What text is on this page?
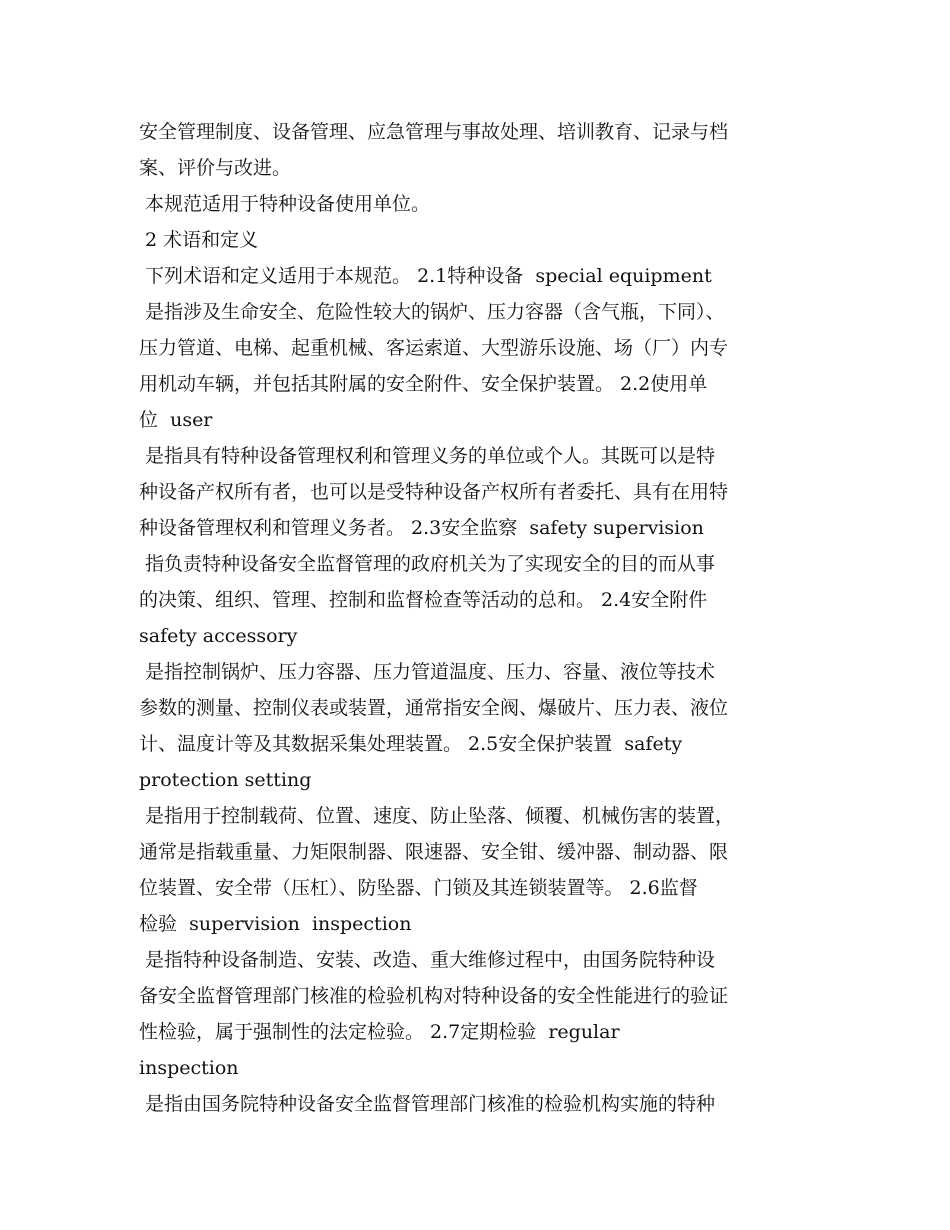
安全管理制度、设备管理、应急管理与事故处理、培训教育、记录与档
案、评价与改进。
本规范适用于特种设备使用单位。
2 术语和定义
下列术语和定义适用于本规范。 2.1特种设备  special equipment
是指涉及生命安全、危险性较大的锅炉、压力容器（含气瓶，下同）、
压力管道、电梯、起重机械、客运索道、大型游乐设施、场（厂）内专
用机动车辆，并包括其附属的安全附件、安全保护装置。 2.2使用单
位  user
是指具有特种设备管理权利和管理义务的单位或个人。其既可以是特
种设备产权所有者，也可以是受特种设备产权所有者委托、具有在用特
种设备管理权利和管理义务者。 2.3安全监察  safety supervision
指负责特种设备安全监督管理的政府机关为了实现安全的目的而从事
的决策、组织、管理、控制和监督检查等活动的总和。 2.4安全附件
safety accessory
是指控制锅炉、压力容器、压力管道温度、压力、容量、液位等技术
参数的测量、控制仪表或装置，通常指安全阀、爆破片、压力表、液位
计、温度计等及其数据采集处理装置。 2.5安全保护装置  safety
protection setting
是指用于控制载荷、位置、速度、防止坠落、倾覆、机械伤害的装置，
通常是指载重量、力矩限制器、限速器、安全钳、缓冲器、制动器、限
位装置、安全带（压杠）、防坠器、门锁及其连锁装置等。 2.6监督
检验  supervision  inspection
是指特种设备制造、安装、改造、重大维修过程中，由国务院特种设
备安全监督管理部门核准的检验机构对特种设备的安全性能进行的验证
性检验，属于强制性的法定检验。 2.7定期检验  regular
inspection
是指由国务院特种设备安全监督管理部门核准的检验机构实施的特种
